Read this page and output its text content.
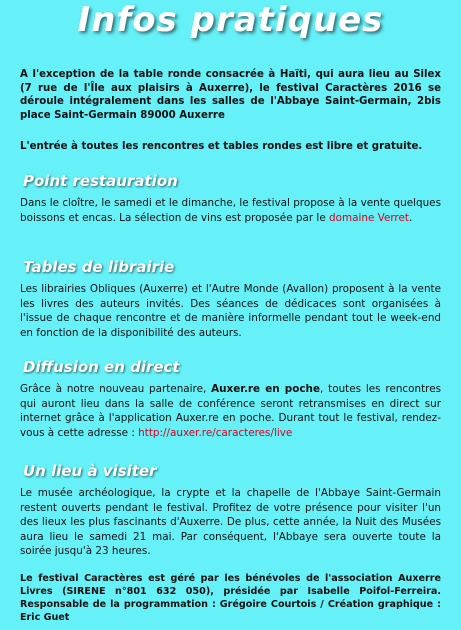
Infos pratiques
A l'exception de la table ronde consacrée à Haïti, qui aura lieu au Silex (7 rue de l'Île aux plaisirs à Auxerre), le festival Caractères 2016 se déroule intégralement dans les salles de l'Abbaye Saint-Germain, 2bis place Saint-Germain 89000 Auxerre
L'entrée à toutes les rencontres et tables rondes est libre et gratuite.
Point restauration
Dans le cloître, le samedi et le dimanche, le festival propose à la vente quelques boissons et encas. La sélection de vins est proposée par le domaine Verret.
Tables de librairie
Les librairies Obliques (Auxerre) et l'Autre Monde (Avallon) proposent à la vente les livres des auteurs invités. Des séances de dédicaces sont organisées à l'issue de chaque rencontre et de manière informelle pendant tout le week-end en fonction de la disponibilité des auteurs.
Diffusion en direct
Grâce à notre nouveau partenaire, Auxer.re en poche, toutes les rencontres qui auront lieu dans la salle de conférence seront retransmises en direct sur internet grâce à l'application Auxer.re en poche. Durant tout le festival, rendez-vous à cette adresse : http://auxer.re/caracteres/live
Un lieu à visiter
Le musée archéologique, la crypte et la chapelle de l'Abbaye Saint-Germain restent ouverts pendant le festival. Profitez de votre présence pour visiter l'un des lieux les plus fascinants d'Auxerre. De plus, cette année, la Nuit des Musées aura lieu le samedi 21 mai. Par conséquent, l'Abbaye sera ouverte toute la soirée jusqu'à 23 heures.
Le festival Caractères est géré par les bénévoles de l'association Auxerre Livres (SIRENE n°801 632 050), présidée par Isabelle Poifol-Ferreira. Responsable de la programmation : Grégoire Courtois / Création graphique : Eric Guet
